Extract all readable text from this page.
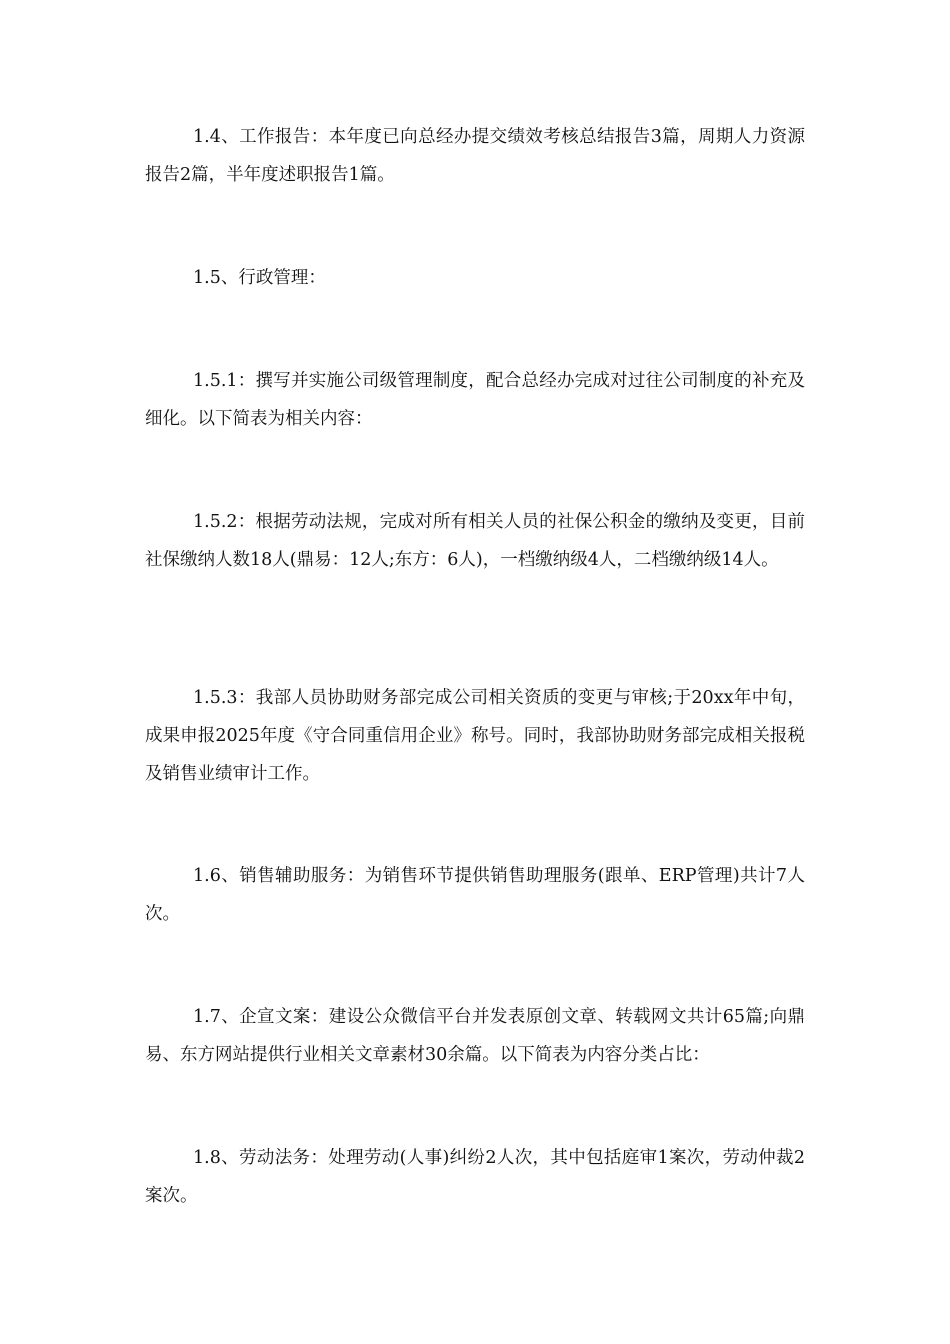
1.4、工作报告：本年度已向总经办提交绩效考核总结报告3篇，周期人力资源报告2篇，半年度述职报告1篇。

1.5、行政管理：

1.5.1：撰写并实施公司级管理制度，配合总经办完成对过往公司制度的补充及细化。以下简表为相关内容：

1.5.2：根据劳动法规，完成对所有相关人员的社保公积金的缴纳及变更，目前社保缴纳人数18人(鼎易：12人;东方：6人)，一档缴纳级4人，二档缴纳级14人。

1.5.3：我部人员协助财务部完成公司相关资质的变更与审核;于20xx年中旬，成果申报2025年度《守合同重信用企业》称号。同时，我部协助财务部完成相关报税及销售业绩审计工作。

1.6、销售辅助服务：为销售环节提供销售助理服务(跟单、ERP管理)共计7人次。

1.7、企宣文案：建设公众微信平台并发表原创文章、转载网文共计65篇;向鼎易、东方网站提供行业相关文章素材30余篇。以下简表为内容分类占比：

1.8、劳动法务：处理劳动(人事)纠纷2人次，其中包括庭审1案次，劳动仲裁2案次。
